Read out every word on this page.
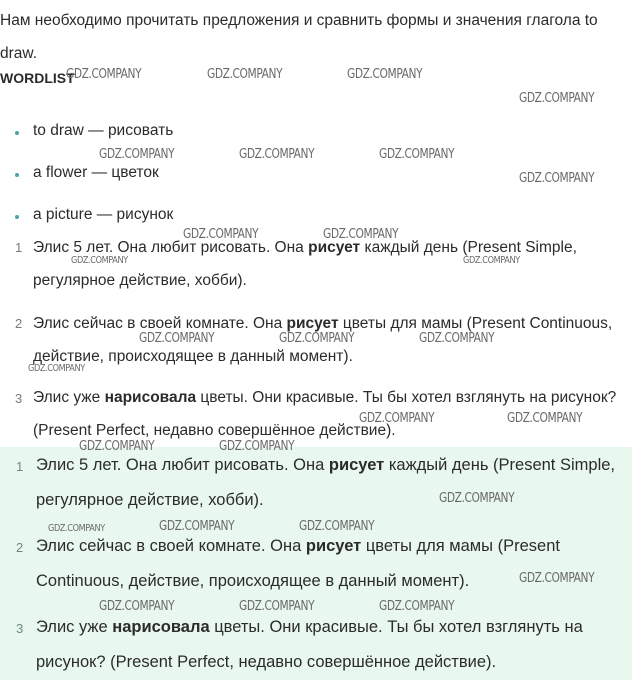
Нам необходимо прочитать предложения и сравнить формы и значения глагола to draw.
WORDLIST
to draw — рисовать
a flower — цветок
a picture — рисунок
1 Элис 5 лет. Она любит рисовать. Она рисует каждый день (Present Simple, регулярное действие, хобби).
2 Элис сейчас в своей комнате. Она рисует цветы для мамы (Present Continuous, действие, происходящее в данный момент).
3 Элис уже нарисовала цветы. Они красивые. Ты бы хотел взглянуть на рисунок? (Present Perfect, недавно совершённое действие).
1 Элис 5 лет. Она любит рисовать. Она рисует каждый день (Present Simple, регулярное действие, хобби).
2 Элис сейчас в своей комнате. Она рисует цветы для мамы (Present Continuous, действие, происходящее в данный момент).
3 Элис уже нарисовала цветы. Они красивые. Ты бы хотел взглянуть на рисунок? (Present Perfect, недавно совершённое действие).
GDZ.COMPANY	GDZ.COMPANY	GDZ.COMPANY
GDZ.COMPANY
GDZ.COMPANY	GDZ.COMPANY	GDZ.COMPANY
GDZ.COMPANY
GDZ.COMPANY	GDZ.COMPANY
GDZ.COMPANY	GDZ.COMPANY
GDZ.COMPANY	GDZ.COMPANY	GDZ.COMPANY
GDZ.COMPANY
GDZ.COMPANY	GDZ.COMPANY
GDZ.COMPANY	GDZ.COMPANY
GDZ.COMPANY
GDZ.COMPANY	GDZ.COMPANY	GDZ.COMPANY
GDZ.COMPANY
GDZ.COMPANY	GDZ.COMPANY	GDZ.COMPANY
